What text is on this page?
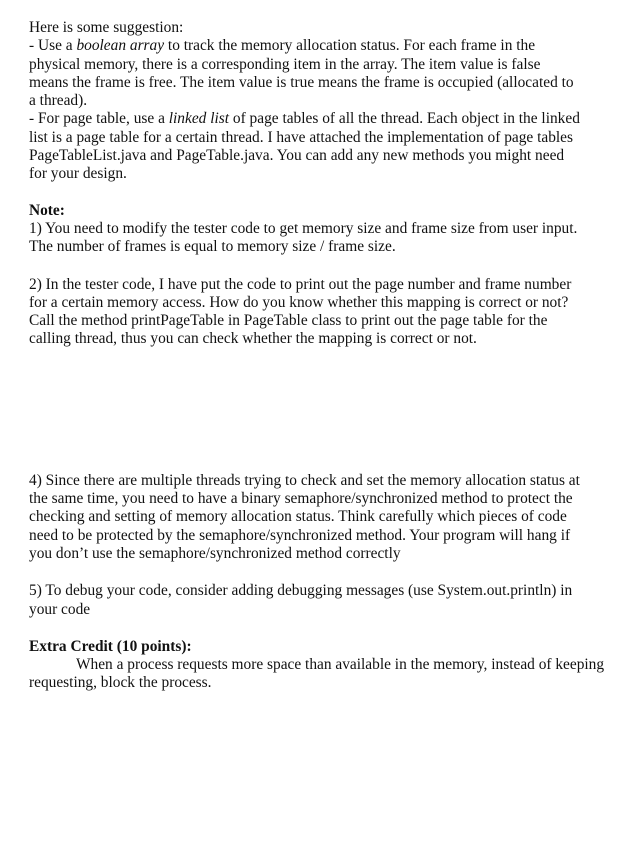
Here is some suggestion:
- Use a boolean array to track the memory allocation status. For each frame in the
physical memory, there is a corresponding item in the array. The item value is false
means the frame is free. The item value is true means the frame is occupied (allocated to
a thread).
- For page table, use a linked list of page tables of all the thread. Each object in the linked
list is a page table for a certain thread. I have attached the implementation of page tables
PageTableList.java and PageTable.java. You can add any new methods you might need
for your design.
Note:
1) You need to modify the tester code to get memory size and frame size from user input.
The number of frames is equal to memory size / frame size.
2) In the tester code, I have put the code to print out the page number and frame number
for a certain memory access. How do you know whether this mapping is correct or not?
Call the method printPageTable in PageTable class to print out the page table for the
calling thread, thus you can check whether the mapping is correct or not.
4) Since there are multiple threads trying to check and set the memory allocation status at
the same time, you need to have a binary semaphore/synchronized method to protect the
checking and setting of memory allocation status. Think carefully which pieces of code
need to be protected by the semaphore/synchronized method. Your program will hang if
you don’t use the semaphore/synchronized method correctly
5) To debug your code, consider adding debugging messages (use System.out.println) in
your code
Extra Credit (10 points):
When a process requests more space than available in the memory, instead of keeping
requesting, block the process.
